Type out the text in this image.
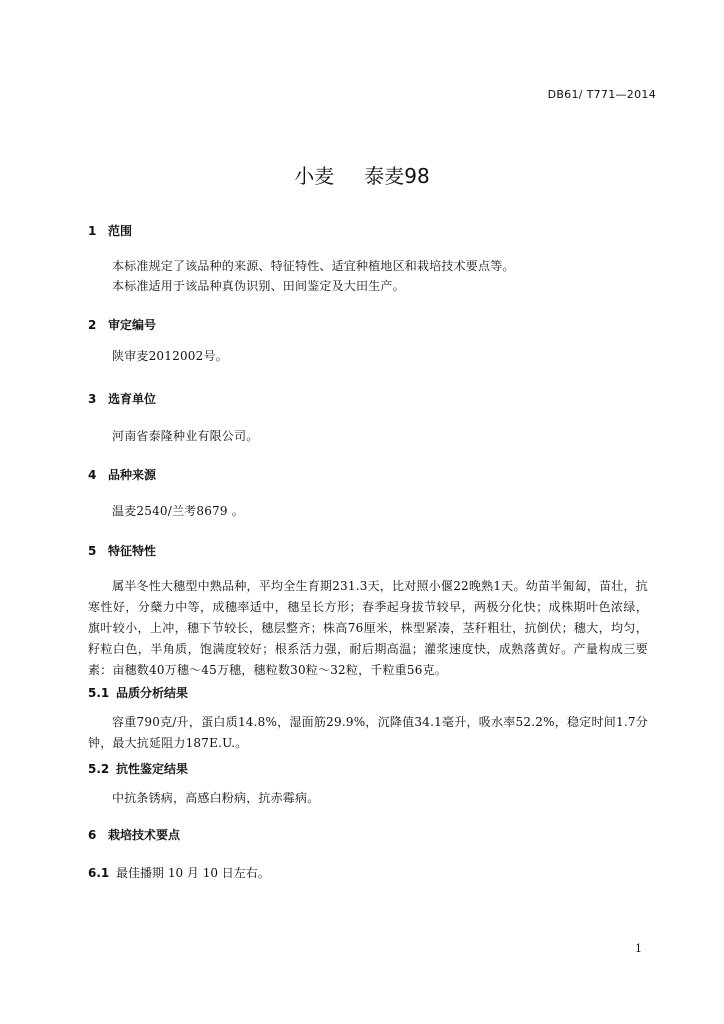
DB61/ T771—2014
小麦 泰麦98
1 范围
本标准规定了该品种的来源、特征特性、适宜种植地区和栽培技术要点等。
本标准适用于该品种真伪识别、田间鉴定及大田生产。
2 审定编号
陕审麦2012002号。
3 选育单位
河南省泰隆种业有限公司。
4 品种来源
温麦2540/兰考8679 。
5 特征特性
属半冬性大穗型中熟品种，平均全生育期231.3天，比对照小偃22晚熟1天。幼苗半匍匐，苗壮，抗寒性好，分蘖力中等，成穗率适中，穗呈长方形；春季起身拔节较早，两极分化快；成株期叶色浓绿，旗叶较小，上冲，穗下节较长，穗层整齐；株高76厘米，株型紧凑，茎秆粗壮，抗倒伏；穗大，均匀，籽粒白色，半角质，饱满度较好；根系活力强，耐后期高温；灌浆速度快，成熟落黄好。产量构成三要素：亩穗数40万穗～45万穗，穗粒数30粒～32粒，千粒重56克。
5.1 品质分析结果
容重790克/升，蛋白质14.8%，湿面筋29.9%，沉降值34.1毫升，吸水率52.2%，稳定时间1.7分钟，最大抗延阻力187E.U.。
5.2 抗性鉴定结果
中抗条锈病，高感白粉病，抗赤霉病。
6 栽培技术要点
6.1 最佳播期 10 月 10 日左右。
1
